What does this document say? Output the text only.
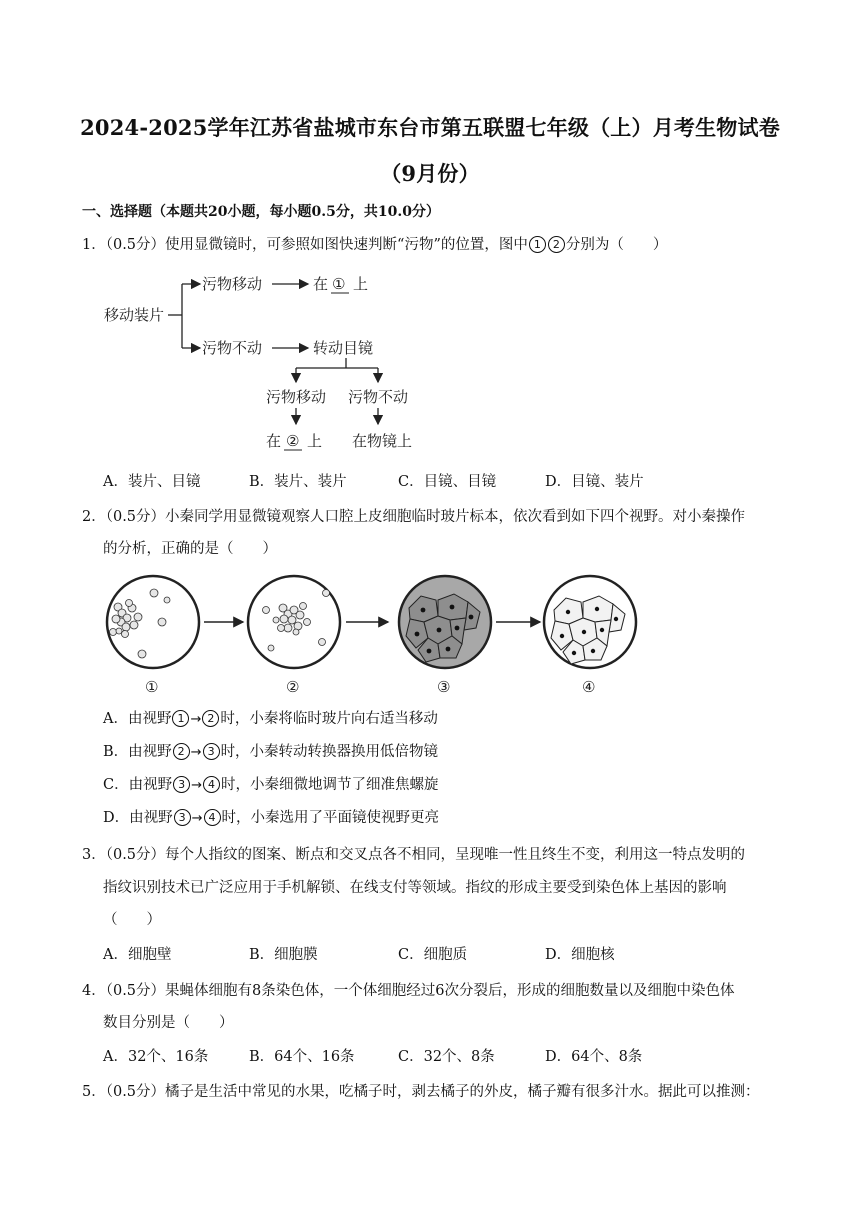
2024-2025学年江苏省盐城市东台市第五联盟七年级（上）月考生物试卷
（9月份）
一、选择题（本题共20小题，每小题0.5分，共10.0分）
1．（0.5分）使用显微镜时，可参照如图快速判断“污物”的位置，图中 1 2 分别为（　　）
移动装片
污物移动	在 ① 上
污物不动	转动目镜
污物移动 污物不动
在 ② 上 在物镜上
A．装片、目镜	B．装片、装片	C．目镜、目镜	D．目镜、装片
2．（0.5分）小秦同学用显微镜观察人口腔上皮细胞临时玻片标本，依次看到如下四个视野。对小秦操作
的分析，正确的是（　　）
①	②	③	④
A．由视野 1 → 2 时，小秦将临时玻片向右适当移动
B．由视野 2 → 3 时，小秦转动转换器换用低倍物镜
C．由视野 3 → 4 时，小秦细微地调节了细准焦螺旋
D．由视野 3 → 4 时，小秦选用了平面镜使视野更亮
3．（0.5分）每个人指纹的图案、断点和交叉点各不相同，呈现唯一性且终生不变，利用这一特点发明的
指纹识别技术已广泛应用于手机解锁、在线支付等领域。指纹的形成主要受到染色体上基因的影响
（　　）
A．细胞壁	B．细胞膜	C．细胞质	D．细胞核
4．（0.5分）果蝇体细胞有8条染色体，一个体细胞经过6次分裂后，形成的细胞数量以及细胞中染色体
数目分别是（　　）
A．32个、16条	B．64个、16条	C．32个、8条	D．64个、8条
5．（0.5分）橘子是生活中常见的水果，吃橘子时，剥去橘子的外皮，橘子瓣有很多汁水。据此可以推测：
